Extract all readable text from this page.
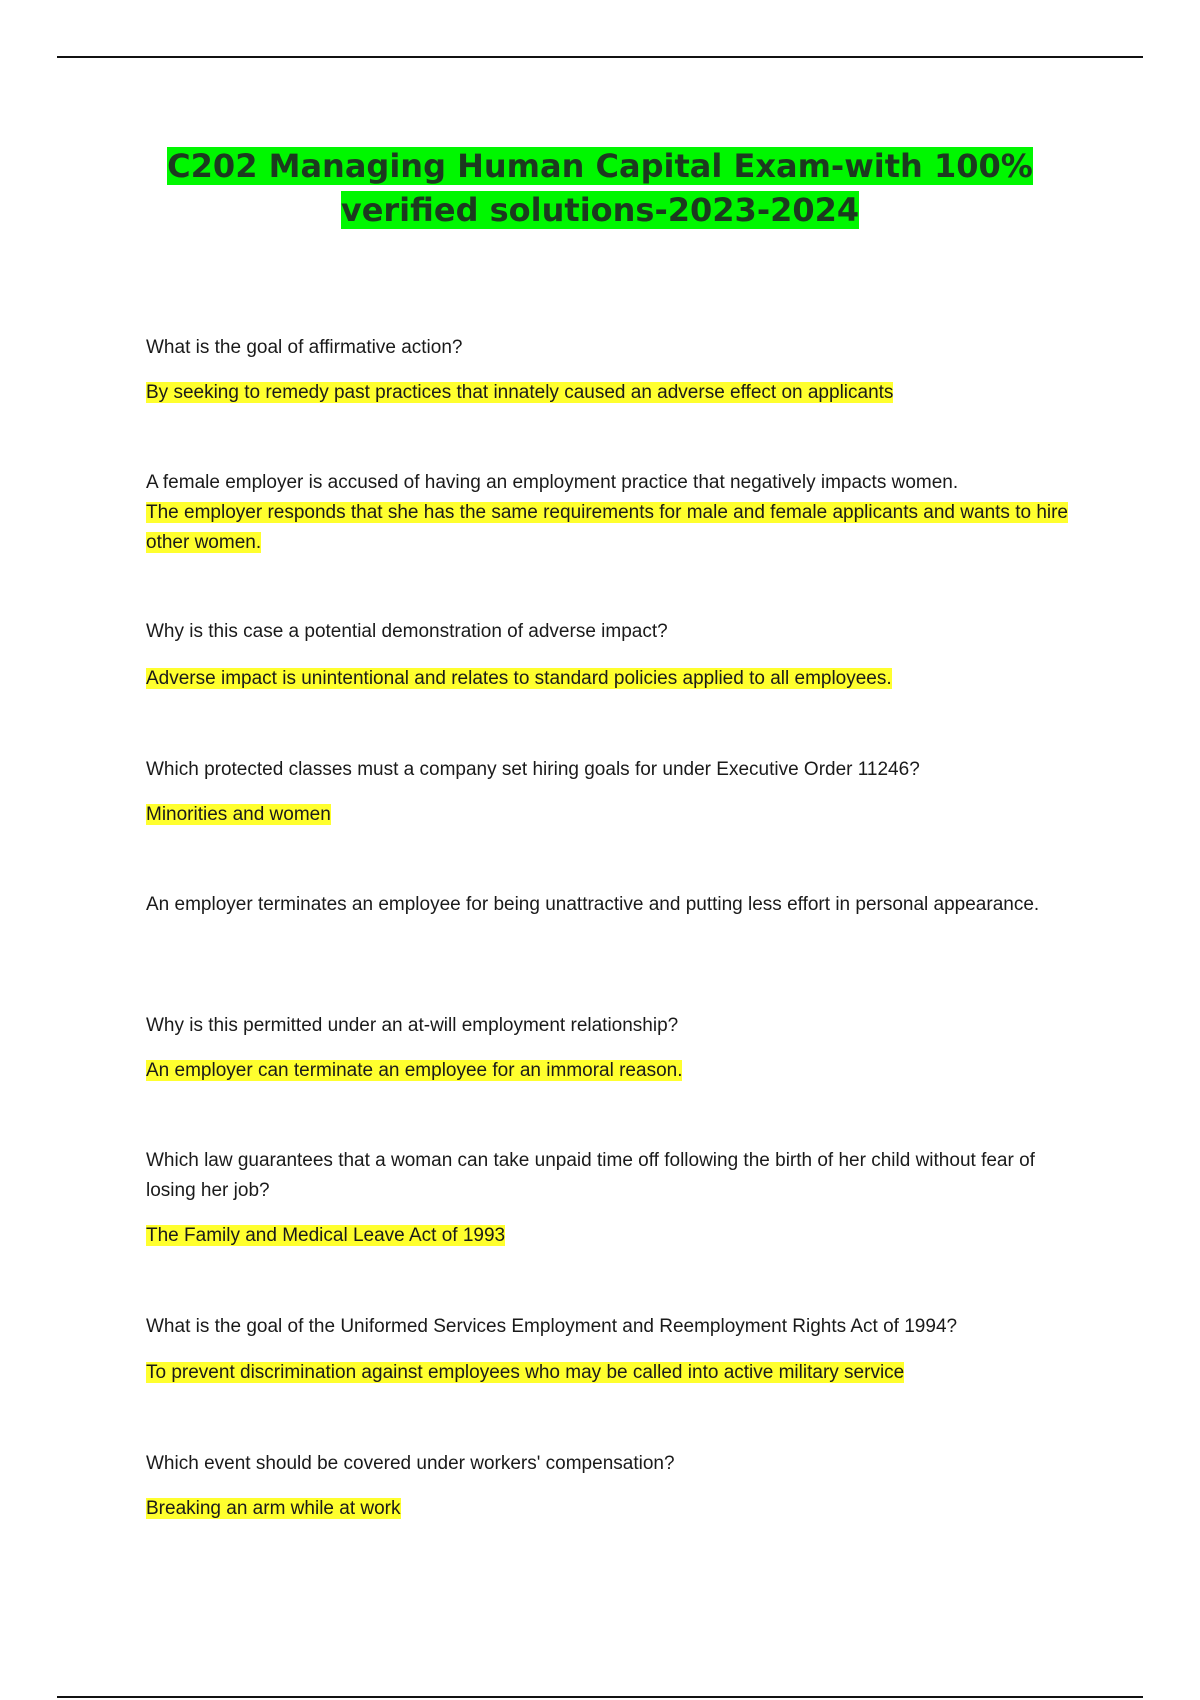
C202 Managing Human Capital Exam-with 100% verified solutions-2023-2024
What is the goal of affirmative action?
By seeking to remedy past practices that innately caused an adverse effect on applicants
A female employer is accused of having an employment practice that negatively impacts women.
The employer responds that she has the same requirements for male and female applicants and wants to hire other women.
Why is this case a potential demonstration of adverse impact?
Adverse impact is unintentional and relates to standard policies applied to all employees.
Which protected classes must a company set hiring goals for under Executive Order 11246?
Minorities and women
An employer terminates an employee for being unattractive and putting less effort in personal appearance.
Why is this permitted under an at-will employment relationship?
An employer can terminate an employee for an immoral reason.
Which law guarantees that a woman can take unpaid time off following the birth of her child without fear of losing her job?
The Family and Medical Leave Act of 1993
What is the goal of the Uniformed Services Employment and Reemployment Rights Act of 1994?
To prevent discrimination against employees who may be called into active military service
Which event should be covered under workers' compensation?
Breaking an arm while at work
